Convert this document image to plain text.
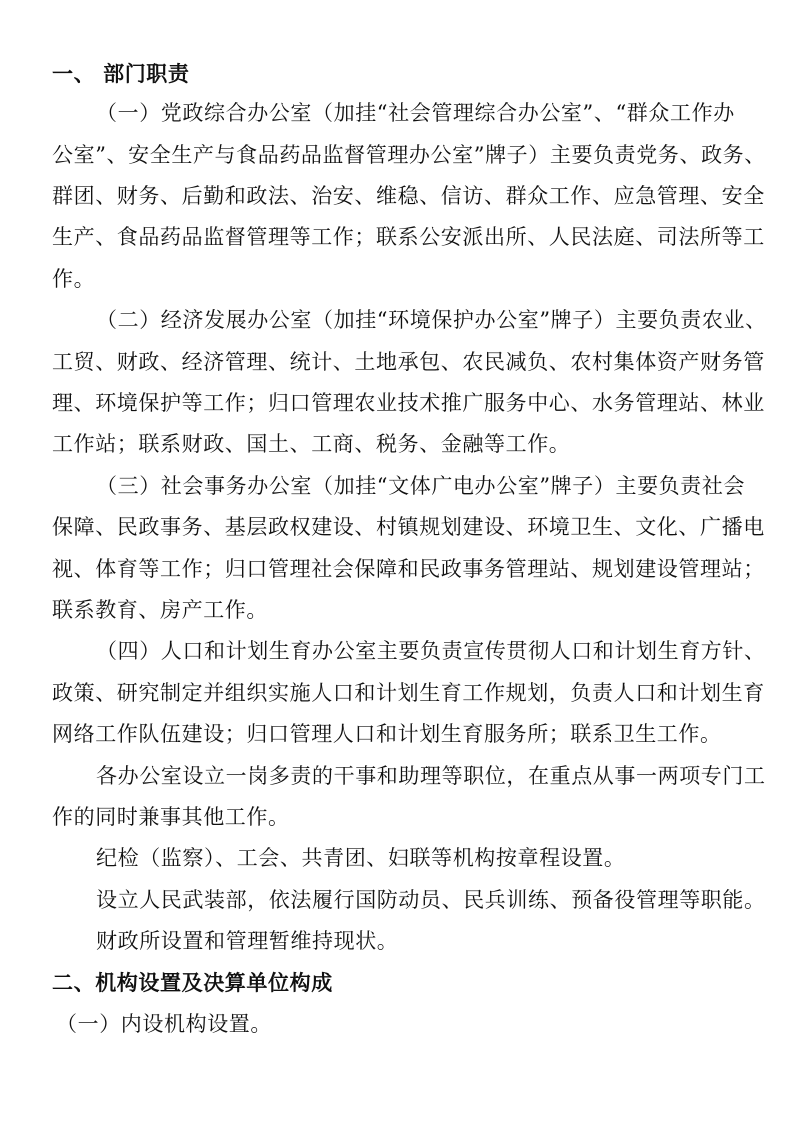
一、 部门职责
（一）党政综合办公室（加挂“社会管理综合办公室”、“群众工作办
公室”、安全生产与食品药品监督管理办公室”牌子）主要负责党务、政务、
群团、财务、后勤和政法、治安、维稳、信访、群众工作、应急管理、安全
生产、食品药品监督管理等工作；联系公安派出所、人民法庭、司法所等工
作。
（二）经济发展办公室（加挂“环境保护办公室”牌子）主要负责农业、
工贸、财政、经济管理、统计、土地承包、农民减负、农村集体资产财务管
理、环境保护等工作；归口管理农业技术推广服务中心、水务管理站、林业
工作站；联系财政、国土、工商、税务、金融等工作。
（三）社会事务办公室（加挂“文体广电办公室”牌子）主要负责社会
保障、民政事务、基层政权建设、村镇规划建设、环境卫生、文化、广播电
视、体育等工作；归口管理社会保障和民政事务管理站、规划建设管理站；
联系教育、房产工作。
（四）人口和计划生育办公室主要负责宣传贯彻人口和计划生育方针、
政策、研究制定并组织实施人口和计划生育工作规划，负责人口和计划生育
网络工作队伍建设；归口管理人口和计划生育服务所；联系卫生工作。
各办公室设立一岗多责的干事和助理等职位，在重点从事一两项专门工
作的同时兼事其他工作。
纪检（监察）、工会、共青团、妇联等机构按章程设置。
设立人民武装部，依法履行国防动员、民兵训练、预备役管理等职能。
财政所设置和管理暂维持现状。
二、机构设置及决算单位构成
（一）内设机构设置。
